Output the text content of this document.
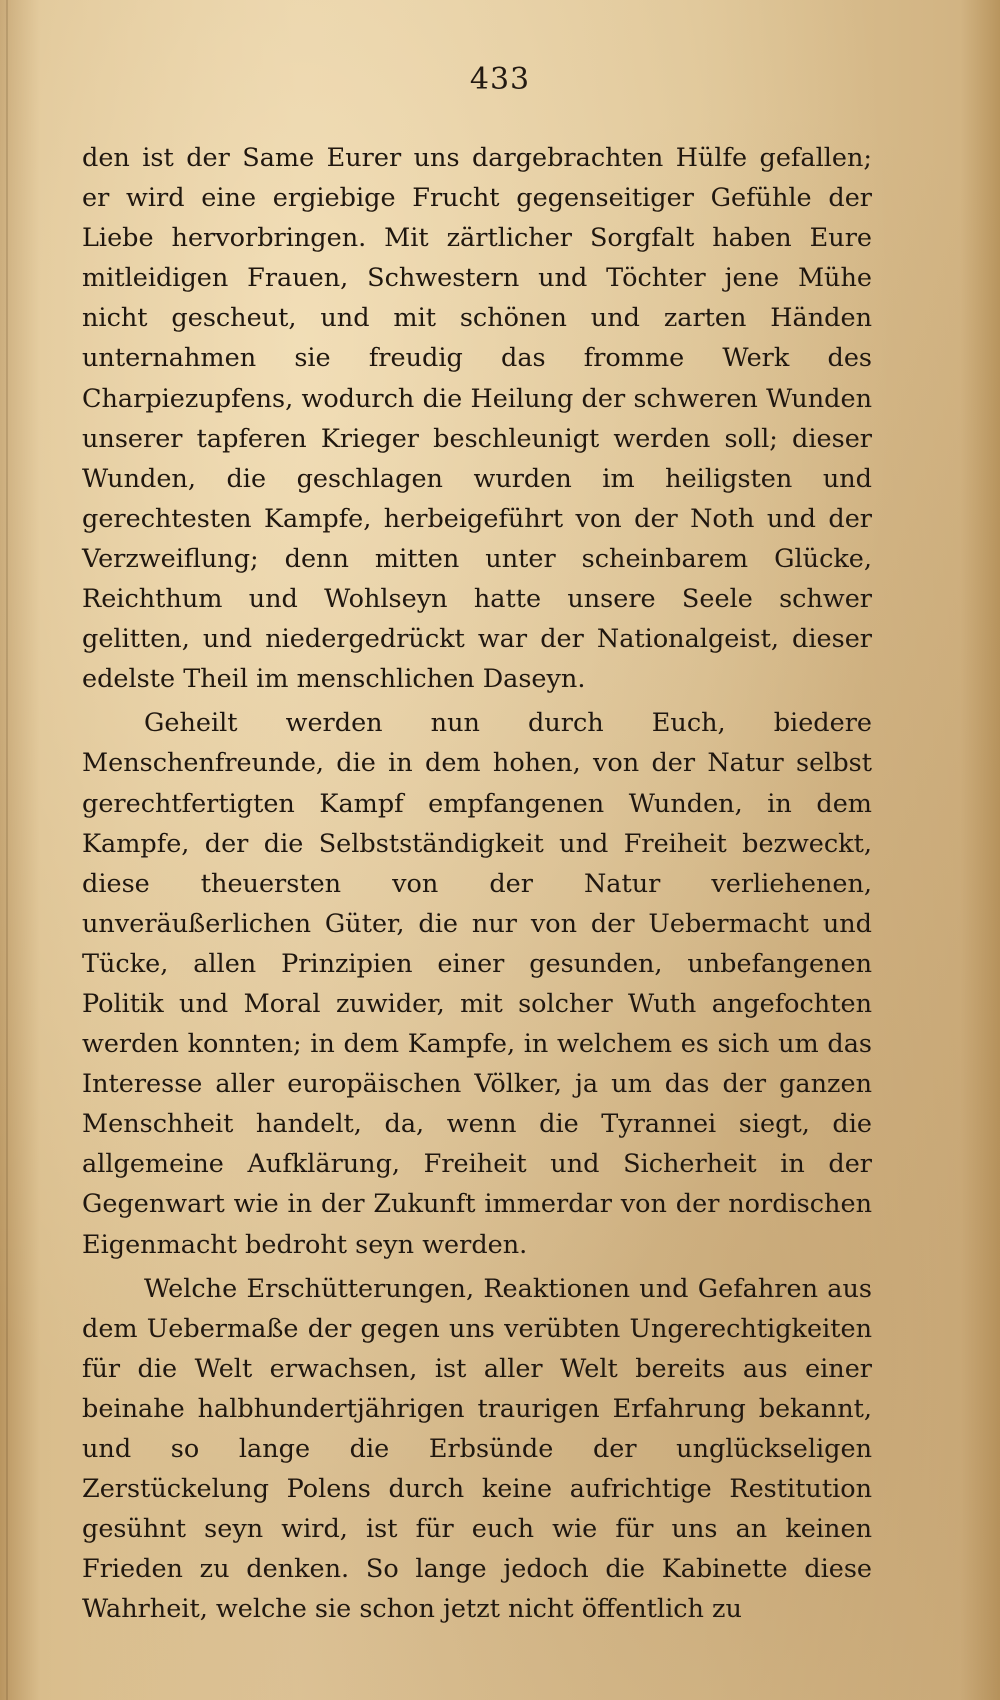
433

den ist der Same Eurer uns dargebrachten Hülfe gefallen; er wird eine ergiebige Frucht gegenseitiger Gefühle der Liebe hervorbringen. Mit zärtlicher Sorgfalt haben Eure mitleidigen Frauen, Schwestern und Töchter jene Mühe nicht gescheut, und mit schönen und zarten Händen unternahmen sie freudig das fromme Werk des Charpiezupfens, wodurch die Heilung der schweren Wunden unserer tapferen Krieger beschleunigt werden soll; dieser Wunden, die geschlagen wurden im heiligsten und gerechtesten Kampfe, herbeigeführt von der Noth und der Verzweiflung; denn mitten unter scheinbarem Glücke, Reichthum und Wohlseyn hatte unsere Seele schwer gelitten, und niedergedrückt war der Nationalgeist, dieser edelste Theil im menschlichen Daseyn.

Geheilt werden nun durch Euch, biedere Menschenfreunde, die in dem hohen, von der Natur selbst gerechtfertigten Kampf empfangenen Wunden, in dem Kampfe, der die Selbstständigkeit und Freiheit bezweckt, diese theuersten von der Natur verliehenen, unveräußerlichen Güter, die nur von der Uebermacht und Tücke, allen Prinzipien einer gesunden, unbefangenen Politik und Moral zuwider, mit solcher Wuth angefochten werden konnten; in dem Kampfe, in welchem es sich um das Interesse aller europäischen Völker, ja um das der ganzen Menschheit handelt, da, wenn die Tyrannei siegt, die allgemeine Aufklärung, Freiheit und Sicherheit in der Gegenwart wie in der Zukunft immerdar von der nordischen Eigenmacht bedroht seyn werden.

Welche Erschütterungen, Reaktionen und Gefahren aus dem Uebermaße der gegen uns verübten Ungerechtigkeiten für die Welt erwachsen, ist aller Welt bereits aus einer beinahe halbhundertjährigen traurigen Erfahrung bekannt, und so lange die Erbsünde der unglückseligen Zerstückelung Polens durch keine aufrichtige Restitution gesühnt seyn wird, ist für euch wie für uns an keinen Frieden zu denken. So lange jedoch die Kabinette diese Wahrheit, welche sie schon jetzt nicht öffentlich zu
